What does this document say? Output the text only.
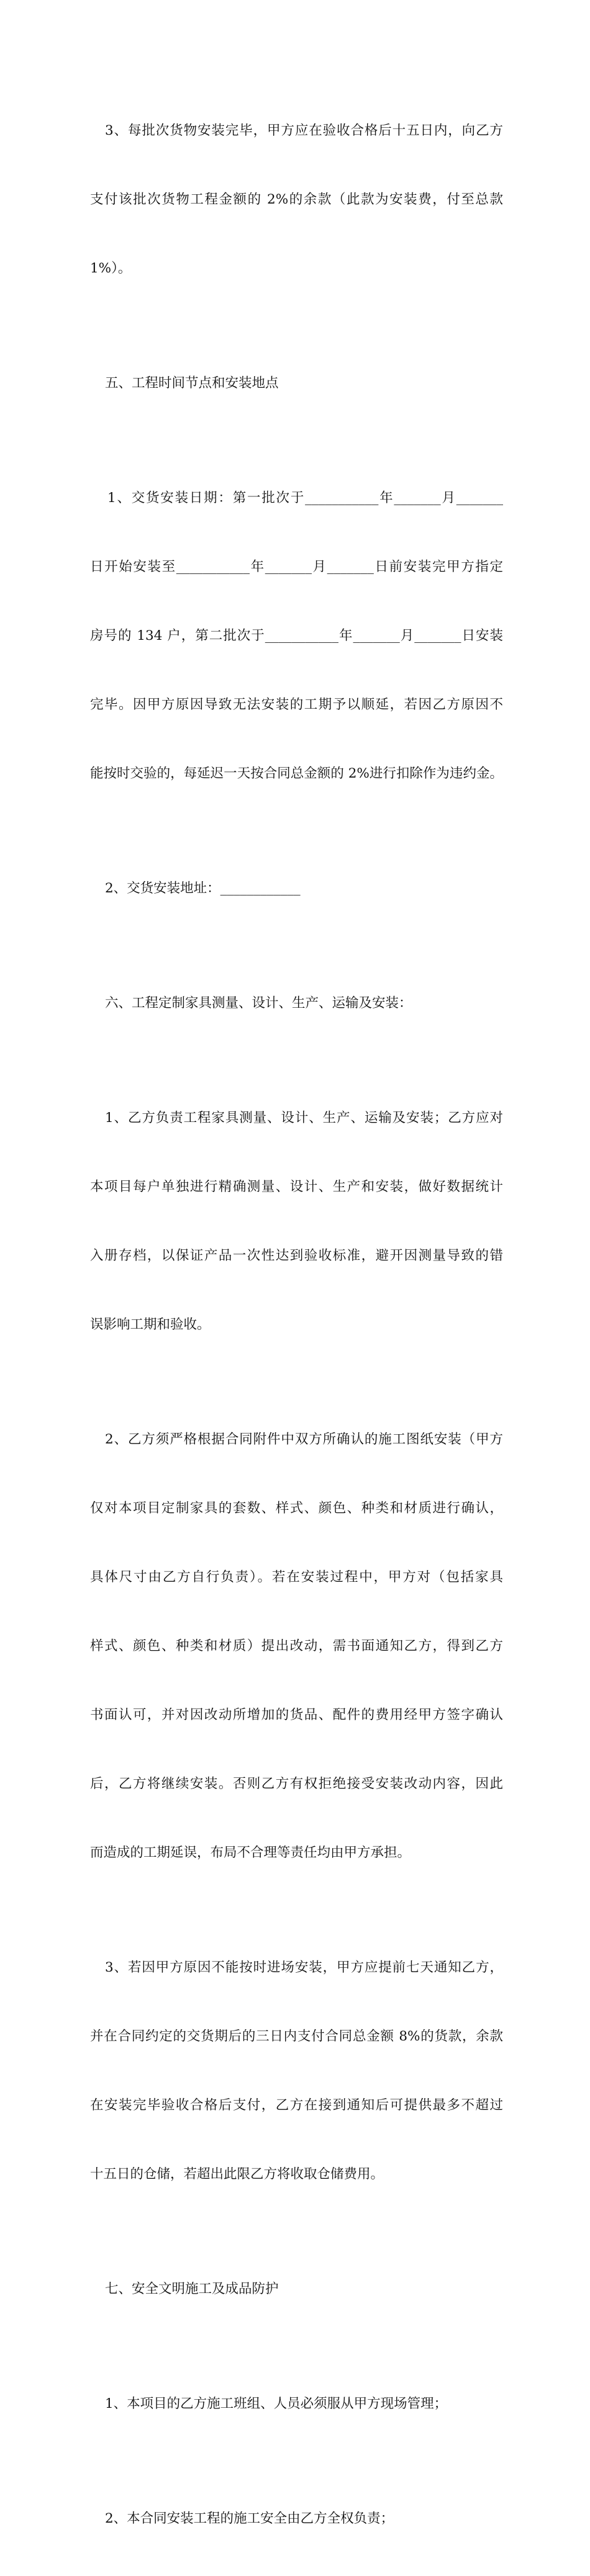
3、每批次货物安装完毕，甲方应在验收合格后十五日内，向乙方

支付该批次货物工程金额的 2%的余款（此款为安装费，付至总款

1%）。

五、工程时间节点和安装地点

1、交货安装日期：第一批次于___________年_______月_______

日开始安装至___________年_______月_______日前安装完甲方指定

房号的 134 户，第二批次于___________年_______月_______日安装

完毕。因甲方原因导致无法安装的工期予以顺延，若因乙方原因不

能按时交验的，每延迟一天按合同总金额的 2%进行扣除作为违约金。

2、交货安装地址：____________

六、工程定制家具测量、设计、生产、运输及安装：

1、乙方负责工程家具测量、设计、生产、运输及安装；乙方应对

本项目每户单独进行精确测量、设计、生产和安装，做好数据统计

入册存档，以保证产品一次性达到验收标准，避开因测量导致的错

误影响工期和验收。

2、乙方须严格根据合同附件中双方所确认的施工图纸安装（甲方

仅对本项目定制家具的套数、样式、颜色、种类和材质进行确认，

具体尺寸由乙方自行负责）。若在安装过程中，甲方对（包括家具

样式、颜色、种类和材质）提出改动，需书面通知乙方，得到乙方

书面认可，并对因改动所增加的货品、配件的费用经甲方签字确认

后，乙方将继续安装。否则乙方有权拒绝接受安装改动内容，因此

而造成的工期延误，布局不合理等责任均由甲方承担。

3、若因甲方原因不能按时进场安装，甲方应提前七天通知乙方，

并在合同约定的交货期后的三日内支付合同总金额 8%的货款，余款

在安装完毕验收合格后支付，乙方在接到通知后可提供最多不超过

十五日的仓储，若超出此限乙方将收取仓储费用。

七、安全文明施工及成品防护

1、本项目的乙方施工班组、人员必须服从甲方现场管理；

2、本合同安装工程的施工安全由乙方全权负责；
